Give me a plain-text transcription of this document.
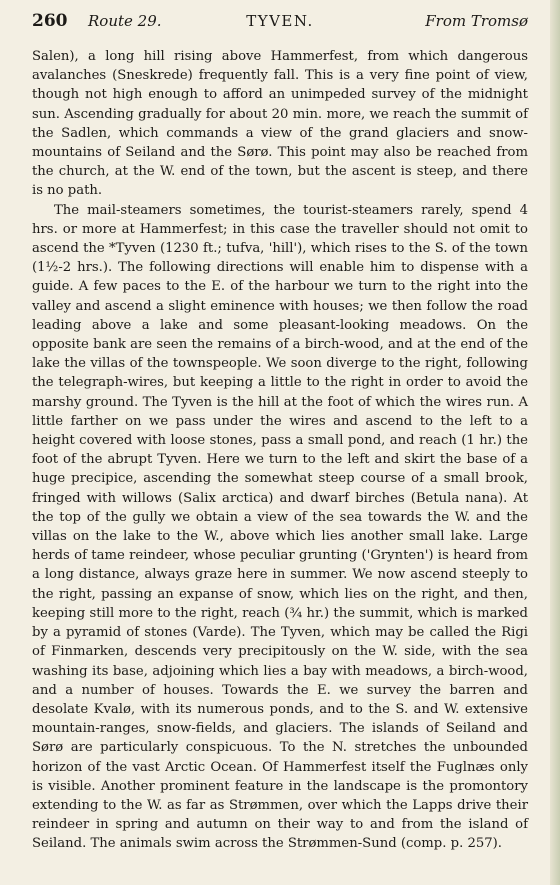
260 Route 29.	TYVEN.	From Tromsø

Salen), a long hill rising above Hammerfest, from which dangerous avalanches (Sneskrede) frequently fall. This is a very fine point of view, though not high enough to afford an unimpeded survey of the midnight sun. Ascending gradually for about 20 min. more, we reach the summit of the Sadlen, which commands a view of the grand glaciers and snow-mountains of Seiland and the Sørø. This point may also be reached from the church, at the W. end of the town, but the ascent is steep, and there is no path.

The mail-steamers sometimes, the tourist-steamers rarely, spend 4 hrs. or more at Hammerfest; in this case the traveller should not omit to ascend the *Tyven (1230 ft.; tufva, 'hill'), which rises to the S. of the town (1½-2 hrs.). The following directions will enable him to dispense with a guide. A few paces to the E. of the harbour we turn to the right into the valley and ascend a slight eminence with houses; we then follow the road leading above a lake and some pleasant-looking meadows. On the opposite bank are seen the remains of a birch-wood, and at the end of the lake the villas of the townspeople. We soon diverge to the right, following the telegraph-wires, but keeping a little to the right in order to avoid the marshy ground. The Tyven is the hill at the foot of which the wires run. A little farther on we pass under the wires and ascend to the left to a height covered with loose stones, pass a small pond, and reach (1 hr.) the foot of the abrupt Tyven. Here we turn to the left and skirt the base of a huge precipice, ascending the somewhat steep course of a small brook, fringed with willows (Salix arctica) and dwarf birches (Betula nana). At the top of the gully we obtain a view of the sea towards the W. and the villas on the lake to the W., above which lies another small lake. Large herds of tame reindeer, whose peculiar grunting ('Grynten') is heard from a long distance, always graze here in summer. We now ascend steeply to the right, passing an expanse of snow, which lies on the right, and then, keeping still more to the right, reach (¾ hr.) the summit, which is marked by a pyramid of stones (Varde). The Tyven, which may be called the Rigi of Finmarken, descends very precipitously on the W. side, with the sea washing its base, adjoining which lies a bay with meadows, a birch-wood, and a number of houses. Towards the E. we survey the barren and desolate Kvalø, with its numerous ponds, and to the S. and W. extensive mountain-ranges, snow-fields, and glaciers. The islands of Seiland and Sørø are particularly conspicuous. To the N. stretches the unbounded horizon of the vast Arctic Ocean. Of Hammerfest itself the Fuglnæs only is visible. Another prominent feature in the landscape is the promontory extending to the W. as far as Strømmen, over which the Lapps drive their reindeer in spring and autumn on their way to and from the island of Seiland. The animals swim across the Strømmen-Sund (comp. p. 257).
